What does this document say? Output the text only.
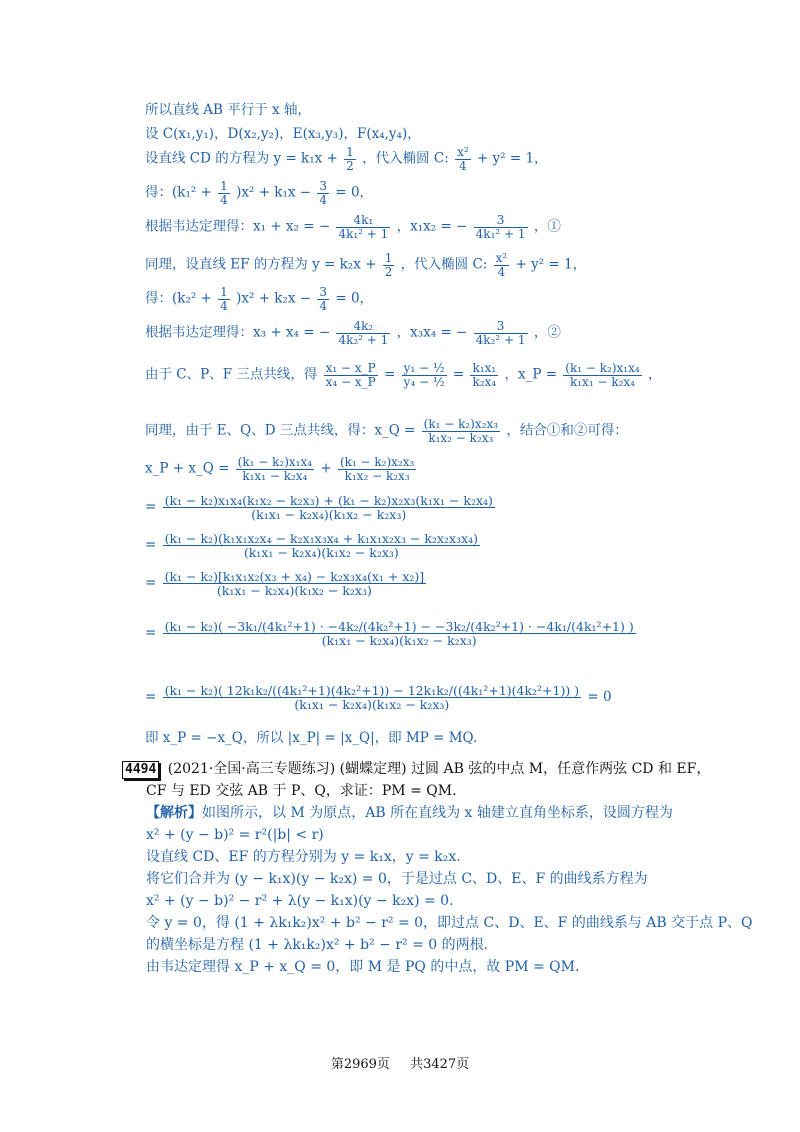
所以直线 AB 平行于 x 轴，
设 C(x₁,y₁)，D(x₂,y₂)，E(x₃,y₃)，F(x₄,y₄)，
设直线 CD 的方程为 $y = k_1x + \frac{1}{2}$ ，代入椭圆 C: $\frac{\text{x²}}{4} + y^2 = 1$，
得：$(k_1^2 + \frac{1}{4} )x^2 + k_1x - \frac{3}{4} = 0$，
根据韦达定理得：x₁ + x₂ = − $\frac{\text{4k₁}}{\text{4k₁² + 1}}$ ，x₁x₂ = − $\frac{3}{\text{4k₁² + 1}}$ ，①
同理，设直线 EF 的方程为 $y = k_2x + \frac{1}{2}$ ，代入椭圆 C: $\frac{\text{x²}}{4} + y^2 = 1$，
得：$(k_2^2 + \frac{1}{4} )x^2 + k_2x - \frac{3}{4} = 0$，
根据韦达定理得：x₃ + x₄ = − $\frac{\text{4k₂}}{\text{4k₂² + 1}}$ ，x₃x₄ = − $\frac{3}{\text{4k₂² + 1}}$ ，②
由于 C、P、F 三点共线，得 $\frac{\text{x₁ − x\_P}}{\text{x₄ − x\_P}} = \frac{\text{y₁ − ½}}{\text{y₄ − ½}} = \frac{\text{k₁x₁}}{\text{k₂x₄}}$ ，x_P = $\frac{\text{(k₁ − k₂)x₁x₄}}{\text{k₁x₁ − k₂x₄}}$ ，
同理，由于 E、Q、D 三点共线，得：x_Q = $\frac{\text{(k₁ − k₂)x₂x₃}}{\text{k₁x₂ − k₂x₃}}$ ，结合①和②可得：
x_P + x_Q = $\frac{\text{(k₁ − k₂)x₁x₄}}{\text{k₁x₁ − k₂x₄}} + \frac{\text{(k₁ − k₂)x₂x₃}}{\text{k₁x₂ − k₂x₃}}$
= $\frac{\text{(k₁ − k₂)x₁x₄(k₁x₂ − k₂x₃) + (k₁ − k₂)x₂x₃(k₁x₁ − k₂x₄)}}{\text{(k₁x₁ − k₂x₄)(k₁x₂ − k₂x₃)}}$
= $\frac{\text{(k₁ − k₂)(k₁x₁x₂x₄ − k₂x₁x₃x₄ + k₁x₁x₂x₃ − k₂x₂x₃x₄)}}{\text{(k₁x₁ − k₂x₄)(k₁x₂ − k₂x₃)}}$
= $\frac{\text{(k₁ − k₂)[k₁x₁x₂(x₃ + x₄) − k₂x₃x₄(x₁ + x₂)]}}{\text{(k₁x₁ − k₂x₄)(k₁x₂ − k₂x₃)}}$
= (k₁ − k₂)( −3k₁/(4k₁²+1) · −4k₂/(4k₂²+1) − −3k₂/(4k₂²+1) · −4k₁/(4k₁²+1) )
(k₁x₁ − k₂x₄)(k₁x₂ − k₂x₃)
= (k₁ − k₂)( 12k₁k₂/((4k₁²+1)(4k₂²+1)) − 12k₁k₂/((4k₁²+1)(4k₂²+1)) )
(k₁x₁ − k₂x₄)(k₁x₂ − k₂x₃)	= 0
即 x_P = −x_Q，所以 |x_P| = |x_Q|，即 MP = MQ.
4494 (2021·全国·高三专题练习) (蝴蝶定理) 过圆 AB 弦的中点 M，任意作两弦 CD 和 EF，
CF 与 ED 交弦 AB 于 P、Q，求证：PM = QM.
【解析】如图所示，以 M 为原点，AB 所在直线为 x 轴建立直角坐标系，设圆方程为
x² + (y − b)² = r²(|b| < r)
设直线 CD、EF 的方程分别为 y = k₁x，y = k₂x.
将它们合并为 (y − k₁x)(y − k₂x) = 0，于是过点 C、D、E、F 的曲线系方程为
x² + (y − b)² − r² + λ(y − k₁x)(y − k₂x) = 0.
令 y = 0，得 (1 + λk₁k₂)x² + b² − r² = 0，即过点 C、D、E、F 的曲线系与 AB 交于点 P、Q
的横坐标是方程 (1 + λk₁k₂)x² + b² − r² = 0 的两根.
由韦达定理得 x_P + x_Q = 0，即 M 是 PQ 的中点，故 PM = QM.
第2969页 共3427页
